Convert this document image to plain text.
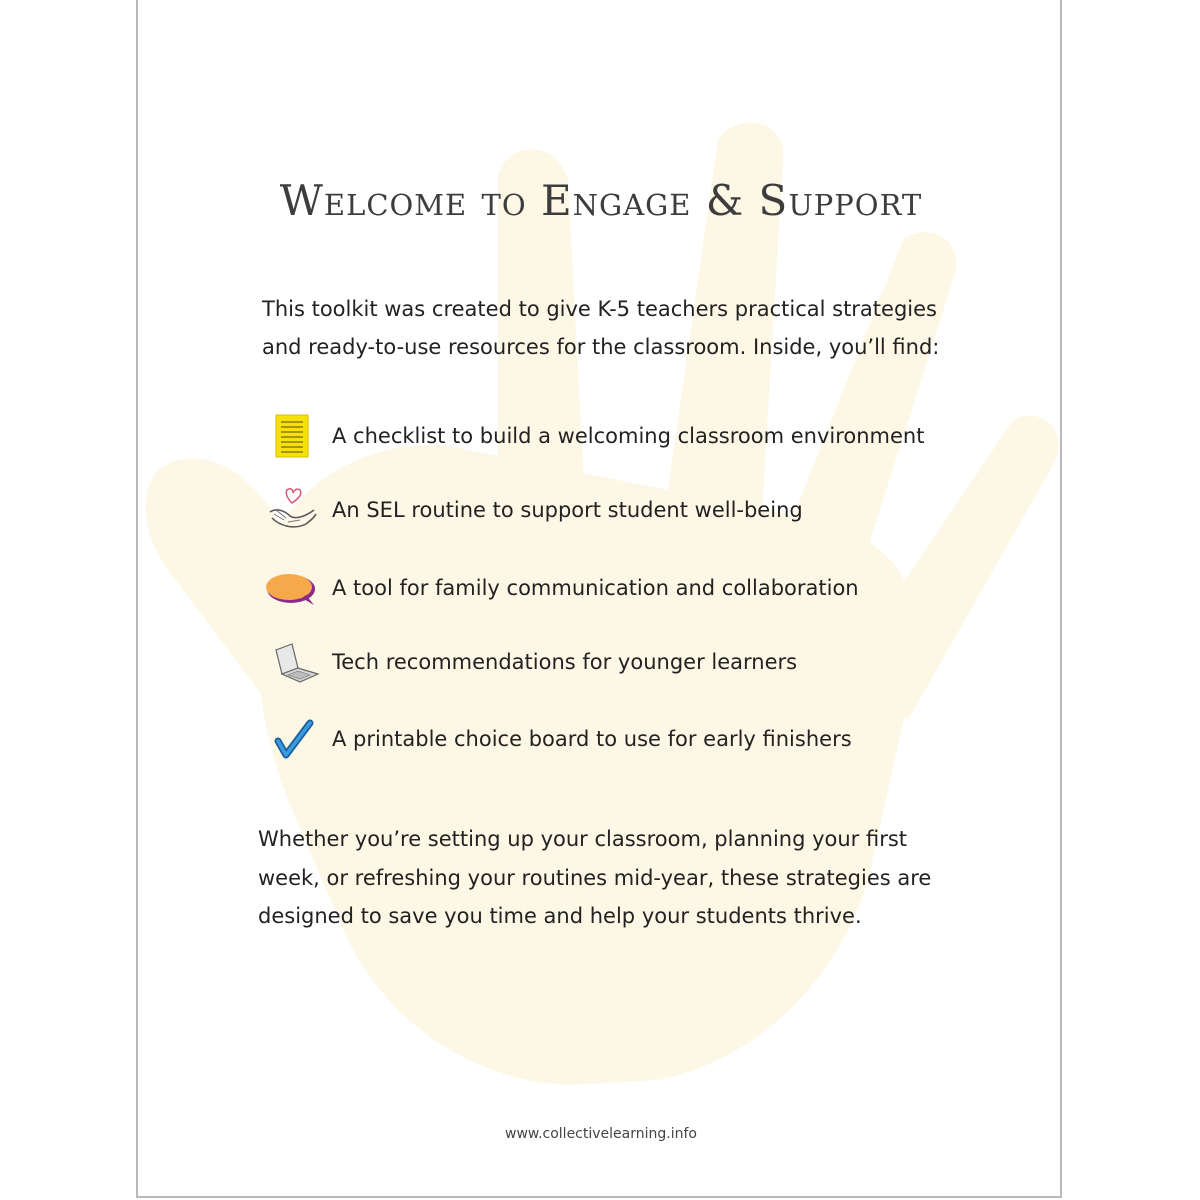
Welcome to Engage & Support
This toolkit was created to give K-5 teachers practical strategies and ready-to-use resources for the classroom. Inside, you’ll find:
A checklist to build a welcoming classroom environment
An SEL routine to support student well-being
A tool for family communication and collaboration
Tech recommendations for younger learners
A printable choice board to use for early finishers
Whether you’re setting up your classroom, planning your first week, or refreshing your routines mid-year, these strategies are designed to save you time and help your students thrive.
www.collectivelearning.info
